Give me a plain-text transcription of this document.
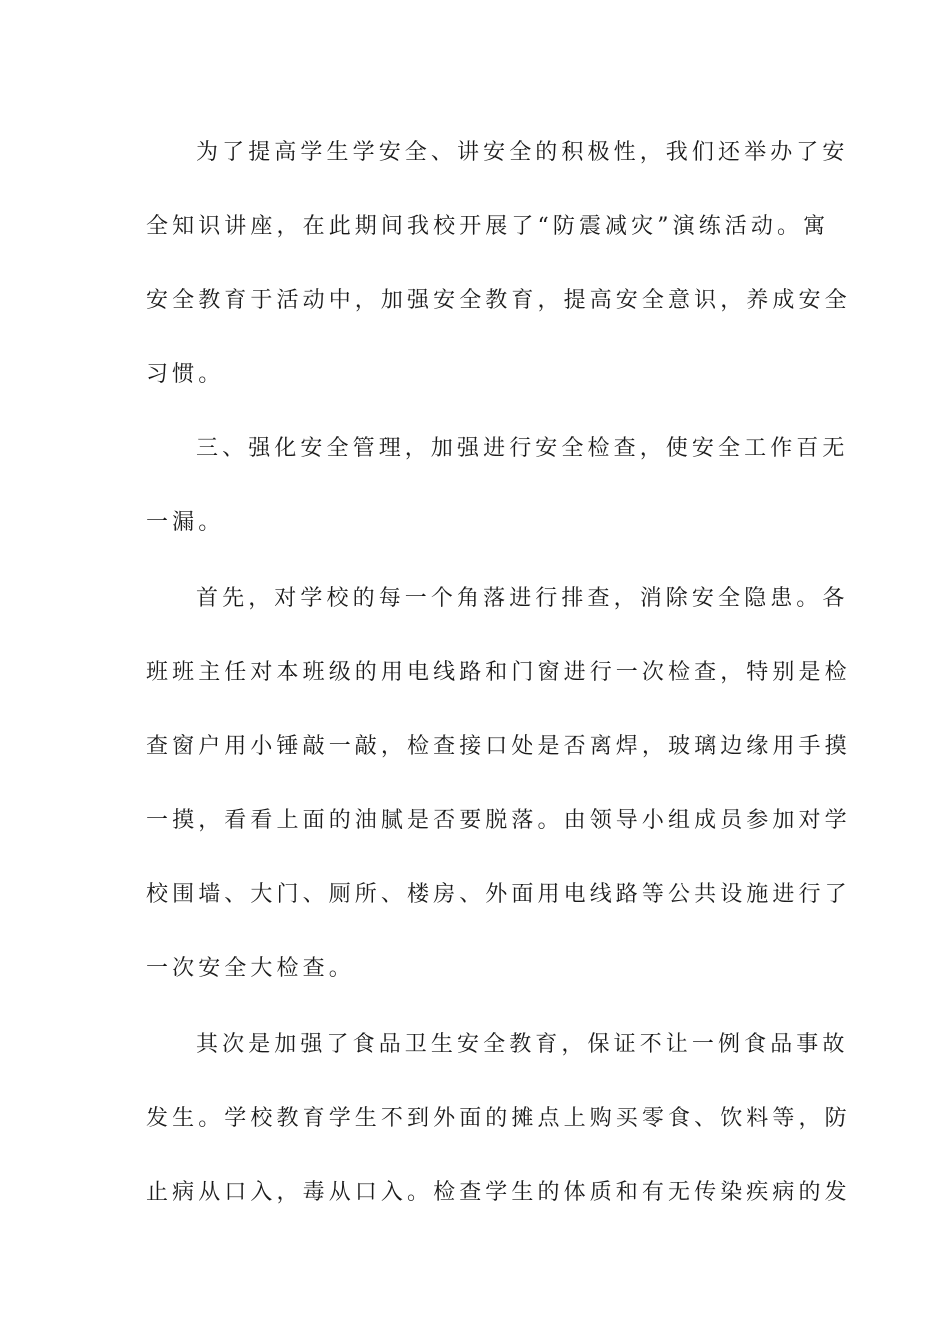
为了提高学生学安全、讲安全的积极性，我们还举办了安
全知识讲座，在此期间我校开展了“防震减灾”演练活动。寓
安全教育于活动中，加强安全教育，提高安全意识，养成安全
习惯。
三、强化安全管理，加强进行安全检查，使安全工作百无
一漏。
首先，对学校的每一个角落进行排查，消除安全隐患。各
班班主任对本班级的用电线路和门窗进行一次检查，特别是检
查窗户用小锤敲一敲，检查接口处是否离焊，玻璃边缘用手摸
一摸，看看上面的油腻是否要脱落。由领导小组成员参加对学
校围墙、大门、厕所、楼房、外面用电线路等公共设施进行了
一次安全大检查。
其次是加强了食品卫生安全教育，保证不让一例食品事故
发生。学校教育学生不到外面的摊点上购买零食、饮料等，防
止病从口入，毒从口入。检查学生的体质和有无传染疾病的发
